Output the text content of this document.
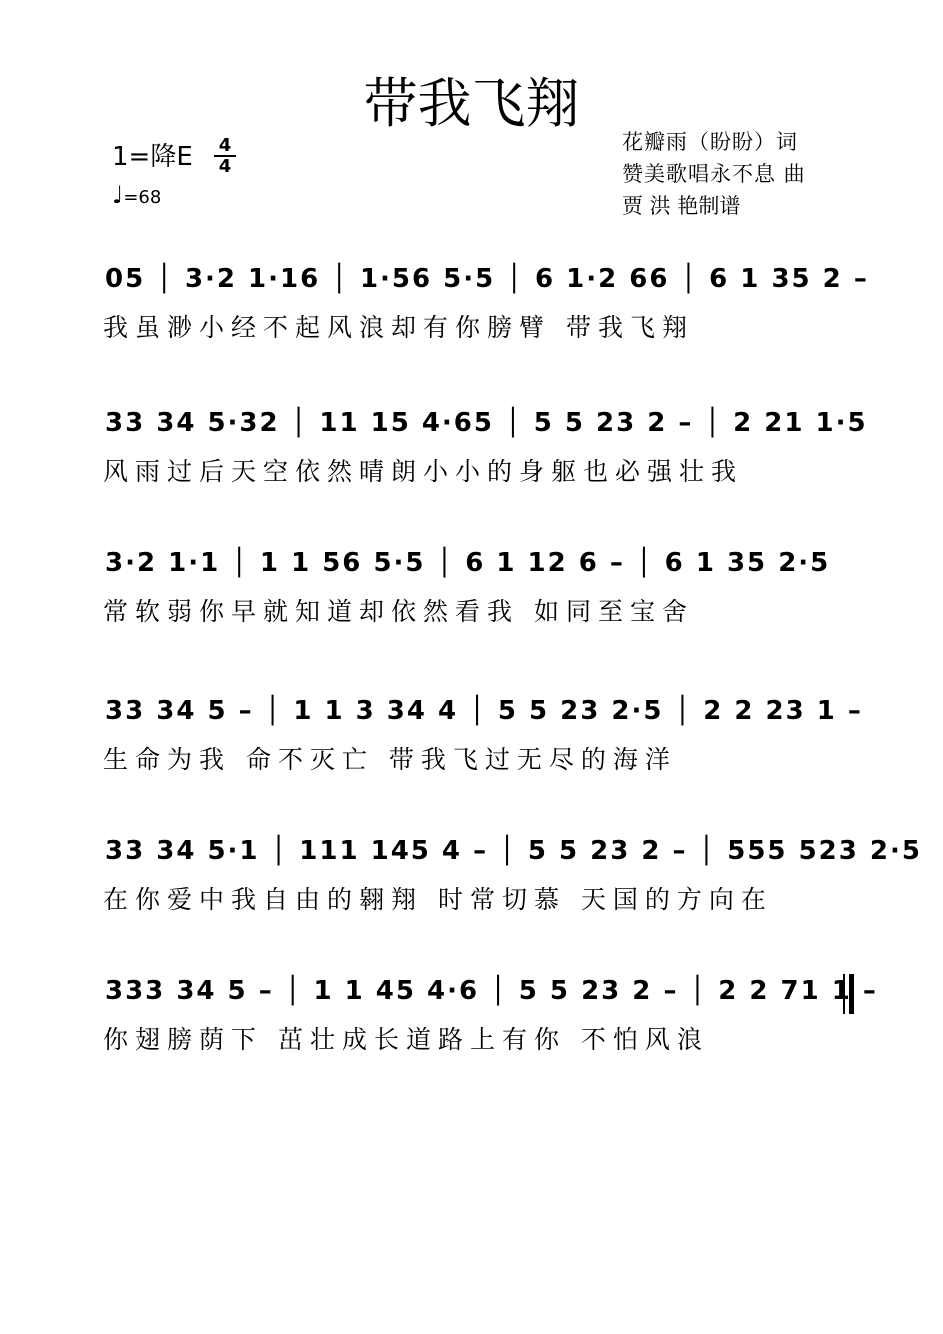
带我飞翔
1=降E 4
4
♩=68
花瓣雨（盼盼）词
赞美歌唱永不息 曲
贾 洪 艳制谱
05 │ 3·2 1·16 │ 1·56 5·5 │ 6 1·2 66 │ 6 1 35 2 –
我虽渺小经不起风浪却有你膀臂 带我飞翔
33 34 5·32 │ 11 15 4·65 │ 5 5 23 2 – │ 2 21 1·5
风雨过后天空依然晴朗小小的身躯也必强壮我
3·2 1·1 │ 1 1 56 5·5 │ 6 1 12 6 – │ 6 1 35 2·5
常软弱你早就知道却依然看我 如同至宝舍
33 34 5 – │ 1 1 3 34 4 │ 5 5 23 2·5 │ 2 2 23 1 –
生命为我 命不灭亡 带我飞过无尽的海洋
33 34 5·1 │ 111 145 4 – │ 5 5 23 2 – │ 555 523 2·5
在你爱中我自由的翱翔 时常切慕 天国的方向在
333 34 5 – │ 1 1 45 4·6 │ 5 5 23 2 – │ 2 2 71 1 –
你翅膀荫下 茁壮成长道路上有你 不怕风浪
